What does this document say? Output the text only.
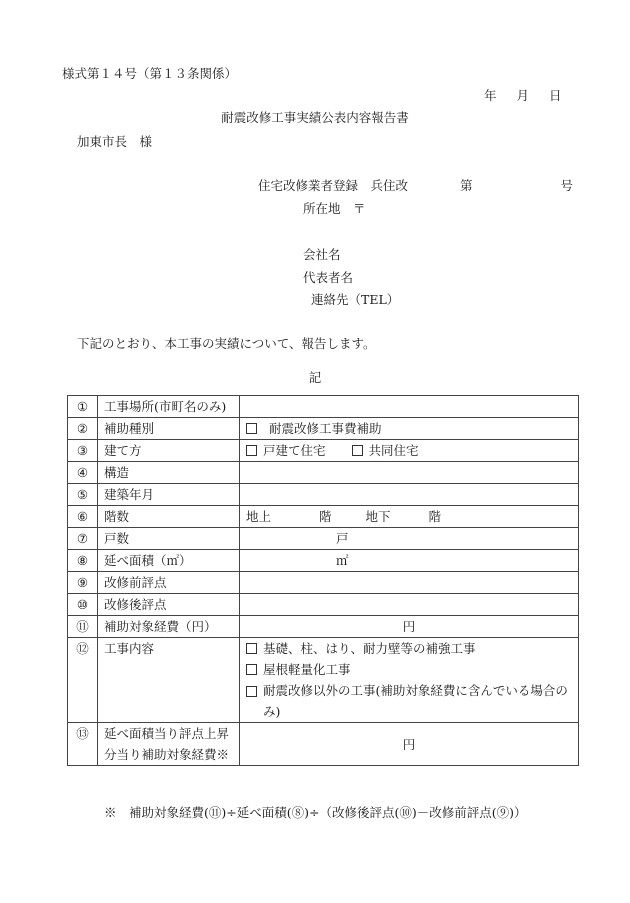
様式第１４号（第１３条関係）
年 月 日
耐震改修工事実績公表内容報告書
加東市長　様
住宅改修業者登録　兵住改	第	号
所在地　〒
会社名
代表者名
連絡先（TEL）
下記のとおり、本工事の実績について、報告します。
記
①	工事場所(市町名のみ)	
②	補助種別	耐震改修工事費補助
③	建て方	戸建て住宅 共同住宅
④	構造	
⑤	建築年月	
⑥	階数	地上 階 地下 階
⑦	戸数	戸
⑧	延べ面積（㎡）	㎡
⑨	改修前評点	
⑩	改修後評点	
⑪	補助対象経費（円）	円
⑫	工事内容	基礎、柱、はり、耐力壁等の補強工事
屋根軽量化工事
耐震改修以外の工事(補助対象経費に含んでいる場合のみ)

⑬	延べ面積当り評点上昇
分当り補助対象経費※	円
※　補助対象経費(⑪)÷延べ面積(⑧)÷（改修後評点(⑩)－改修前評点(⑨)）
